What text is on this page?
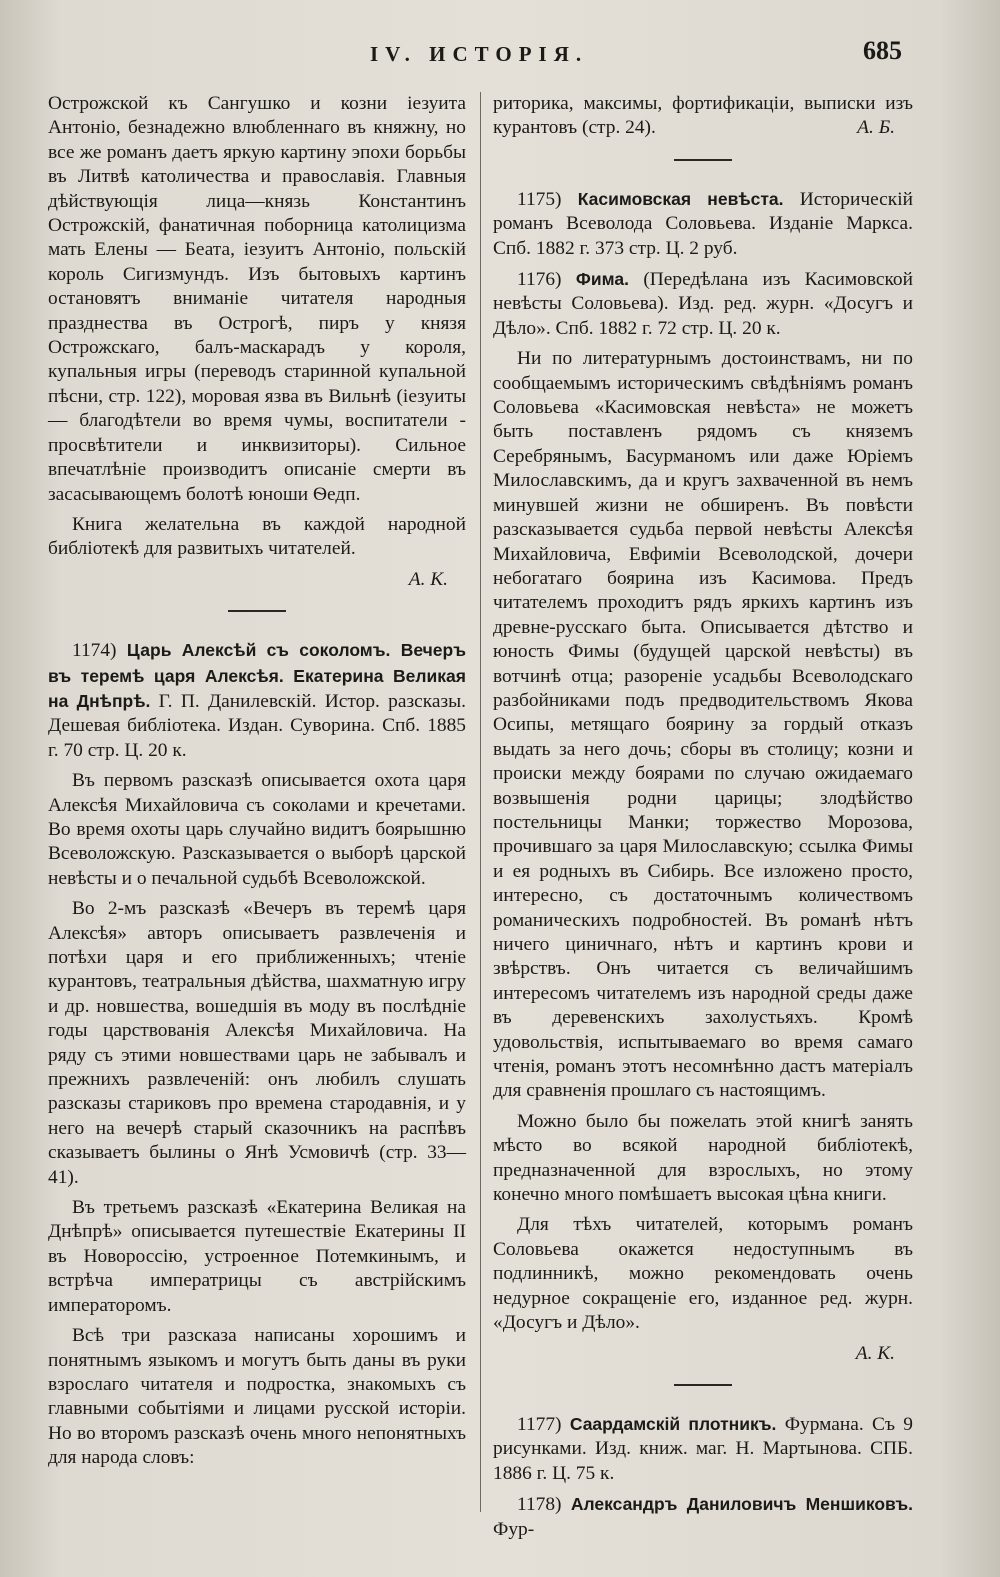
IV. ИСТОРІЯ.	685

Острожской къ Сангушко и козни іезуита Антоніо, безнадежно влюбленнаго въ княжну, но все же романъ даетъ яркую картину эпохи борьбы въ Литвѣ католичества и православія. Главныя дѣйствующія лица—князь Константинъ Острожскій, фанатичная поборница католицизма мать Елены — Беата, іезуитъ Антоніо, польскій король Сигизмундъ. Изъ бытовыхъ картинъ остановятъ вниманіе читателя народныя празднества въ Острогѣ, пиръ у князя Острожскаго, балъ-маскарадъ у короля, купальныя игры (переводъ старинной купальной пѣсни, стр. 122), моровая язва въ Вильнѣ (іезуиты — благодѣтели во время чумы, воспитатели - просвѣтители и инквизиторы). Сильное впечатлѣніе производитъ описаніе смерти въ засасывающемъ болотѣ юноши Ѳедп.

Книга желательна въ каждой народной библіотекѣ для развитыхъ читателей.

А. К.

1174) Царь Алексѣй съ соколомъ. Вечеръ въ теремѣ царя Алексѣя. Екатерина Великая на Днѣпрѣ. Г. П. Данилевскій. Истор. разсказы. Дешевая библіотека. Издан. Суворина. Спб. 1885 г. 70 стр. Ц. 20 к.

Въ первомъ разсказѣ описывается охота царя Алексѣя Михайловича съ соколами и кречетами. Во время охоты царь случайно видитъ боярышню Всеволожскую. Разсказывается о выборѣ царской невѣсты и о печальной судьбѣ Всеволожской.

Во 2-мъ разсказѣ «Вечеръ въ теремѣ царя Алексѣя» авторъ описываетъ развлеченія и потѣхи царя и его приближенныхъ; чтеніе курантовъ, театральныя дѣйства, шахматную игру и др. новшества, вошедшія въ моду въ послѣдніе годы царствованія Алексѣя Михайловича. На ряду съ этими новшествами царь не забывалъ и прежнихъ развлеченій: онъ любилъ слушать разсказы стариковъ про времена стародавнія, и у него на вечерѣ старый сказочникъ на распѣвъ сказываетъ былины о Янѣ Усмовичѣ (стр. 33—41).

Въ третьемъ разсказѣ «Екатерина Великая на Днѣпрѣ» описывается путешествіе Екатерины II въ Новороссію, устроенное Потемкинымъ, и встрѣча императрицы съ австрійскимъ императоромъ.

Всѣ три разсказа написаны хорошимъ и понятнымъ языкомъ и могутъ быть даны въ руки взрослаго читателя и подростка, знакомыхъ съ главными событіями и лицами русской исторіи. Но во второмъ разсказѣ очень много непонятныхъ для народа словъ:

риторика, максимы, фортификаціи, выписки изъ курантовъ (стр. 24).	А. Б.

1175) Касимовская невѣста. Историческій романъ Всеволода Соловьева. Изданіе Маркса. Спб. 1882 г. 373 стр. Ц. 2 руб.

1176) Фима. (Передѣлана изъ Касимовской невѣсты Соловьева). Изд. ред. журн. «Досугъ и Дѣло». Спб. 1882 г. 72 стр. Ц. 20 к.

Ни по литературнымъ достоинствамъ, ни по сообщаемымъ историческимъ свѣдѣніямъ романъ Соловьева «Касимовская невѣста» не можетъ быть поставленъ рядомъ съ княземъ Серебрянымъ, Басурманомъ или даже Юріемъ Милославскимъ, да и кругъ захваченной въ немъ минувшей жизни не обширенъ. Въ повѣсти разсказывается судьба первой невѣсты Алексѣя Михайловича, Евфиміи Всеволодской, дочери небогатаго боярина изъ Касимова. Предъ читателемъ проходитъ рядъ яркихъ картинъ изъ древне-русскаго быта. Описывается дѣтство и юность Фимы (будущей царской невѣсты) въ вотчинѣ отца; разореніе усадьбы Всеволодскаго разбойниками подъ предводительствомъ Якова Осипы, метящаго боярину за гордый отказъ выдать за него дочь; сборы въ столицу; козни и происки между боярами по случаю ожидаемаго возвышенія родни царицы; злодѣйство постельницы Манки; торжество Морозова, прочившаго за царя Милославскую; ссылка Фимы и ея родныхъ въ Сибирь. Все изложено просто, интересно, съ достаточнымъ количествомъ романическихъ подробностей. Въ романѣ нѣтъ ничего циничнаго, нѣтъ и картинъ крови и звѣрствъ. Онъ читается съ величайшимъ интересомъ читателемъ изъ народной среды даже въ деревенскихъ захолустьяхъ. Кромѣ удовольствія, испытываемаго во время самаго чтенія, романъ этотъ несомнѣнно дастъ матеріалъ для сравненія прошлаго съ настоящимъ.

Можно было бы пожелать этой книгѣ занять мѣсто во всякой народной библіотекѣ, предназначенной для взрослыхъ, но этому конечно много помѣшаетъ высокая цѣна книги.

Для тѣхъ читателей, которымъ романъ Соловьева окажется недоступнымъ въ подлинникѣ, можно рекомендовать очень недурное сокращеніе его, изданное ред. журн. «Досугъ и Дѣло».

А. К.

1177) Саардамскій плотникъ. Фурмана. Съ 9 рисунками. Изд. книж. маг. Н. Мартынова. СПБ. 1886 г. Ц. 75 к.

1178) Александръ Даниловичъ Меншиковъ. Фур-
